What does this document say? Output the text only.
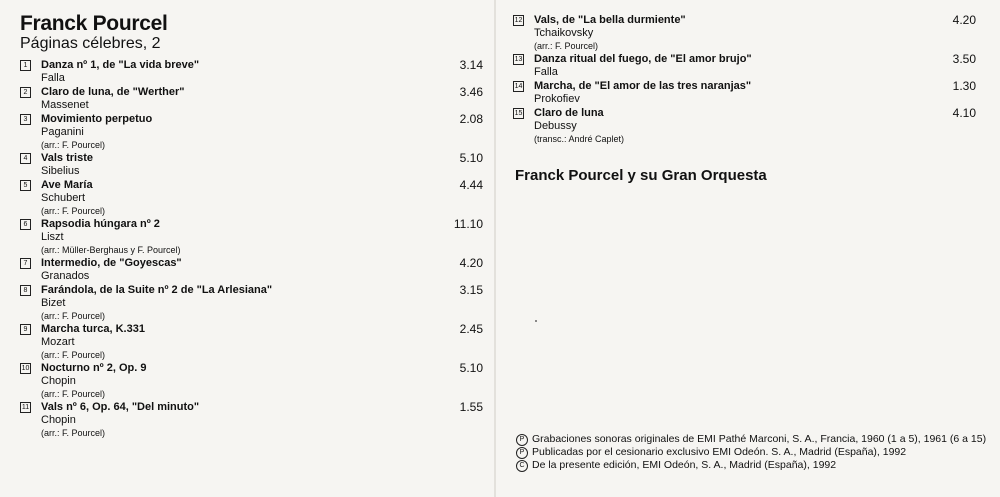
Franck Pourcel
Páginas célebres, 2
1	Danza nº 1, de "La vida breve"	3.14
Falla
2	Claro de luna, de "Werther"	3.46
Massenet
3	Movimiento perpetuo	2.08
Paganini
(arr.: F. Pourcel)
4	Vals triste	5.10
Sibelius
5	Ave María	4.44
Schubert
(arr.: F. Pourcel)
6	Rapsodia húngara nº 2	11.10
Liszt
(arr.: Müller-Berghaus y F. Pourcel)
7	Intermedio, de "Goyescas"	4.20
Granados
8	Farándola, de la Suite nº 2 de "La Arlesiana"	3.15
Bizet
(arr.: F. Pourcel)
9	Marcha turca, K.331	2.45
Mozart
(arr.: F. Pourcel)
10 Nocturno nº 2, Op. 9	5.10
Chopin
(arr.: F. Pourcel)
11 Vals nº 6, Op. 64, "Del minuto"	1.55
Chopin
(arr.: F. Pourcel)
12 Vals, de "La bella durmiente"	4.20
Tchaikovsky
(arr.: F. Pourcel)
13 Danza ritual del fuego, de "El amor brujo"	3.50
Falla
14 Marcha, de "El amor de las tres naranjas"	1.30
Prokofiev
15 Claro de luna	4.10
Debussy
(transc.: André Caplet)
Franck Pourcel y su Gran Orquesta
P Grabaciones sonoras originales de EMI Pathé Marconi, S. A., Francia, 1960 (1 a 5), 1961 (6 a 15)
P Publicadas por el cesionario exclusivo EMI Odeón. S. A., Madrid (España), 1992
C De la presente edición, EMI Odeón, S. A., Madrid (España), 1992
